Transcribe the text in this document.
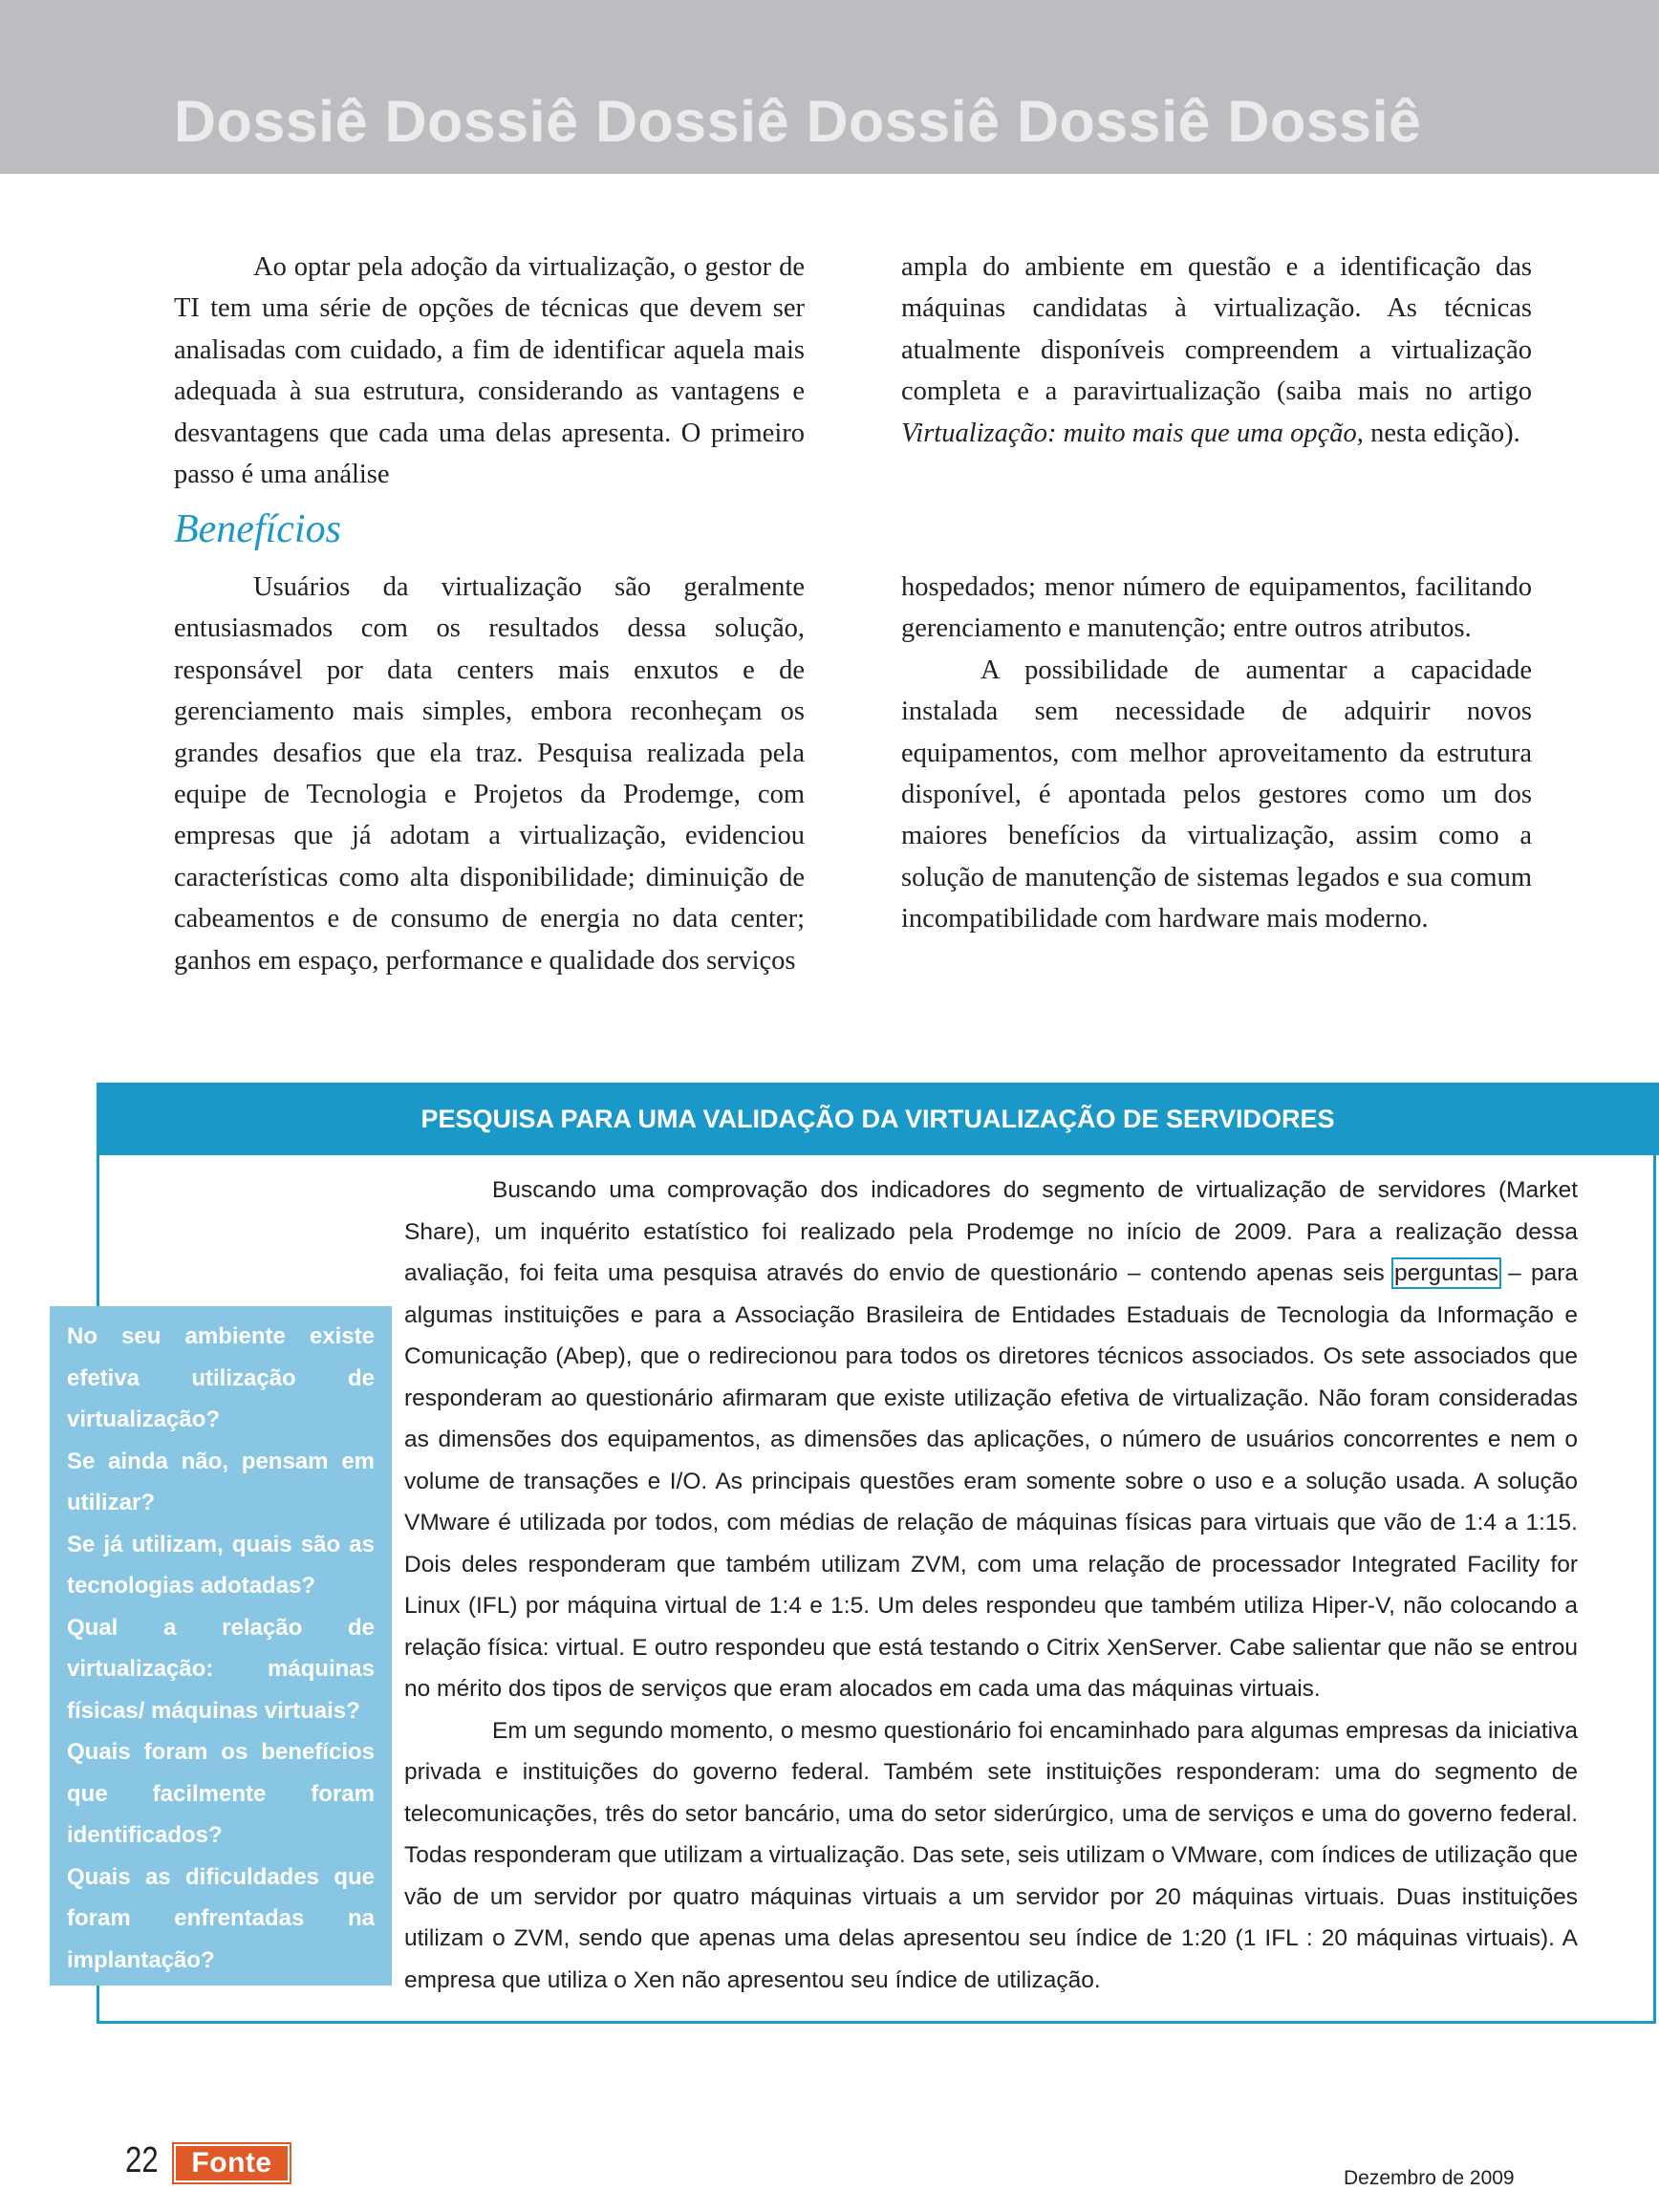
Dossiê Dossiê Dossiê Dossiê Dossiê Dossiê

Ao optar pela adoção da virtualização, o gestor de TI tem uma série de opções de técnicas que devem ser analisadas com cuidado, a fim de identificar aquela mais adequada à sua estrutura, considerando as vantagens e desvantagens que cada uma delas apresenta. O primeiro passo é uma análise

ampla do ambiente em questão e a identificação das máquinas candidatas à virtualização. As técnicas atualmente disponíveis compreendem a virtualização completa e a paravirtualização (saiba mais no artigo Virtualização: muito mais que uma opção, nesta edição).

Benefícios

Usuários da virtualização são geralmente entusiasmados com os resultados dessa solução, responsável por data centers mais enxutos e de gerenciamento mais simples, embora reconheçam os grandes desafios que ela traz. Pesquisa realizada pela equipe de Tecnologia e Projetos da Prodemge, com empresas que já adotam a virtualização, evidenciou características como alta disponibilidade; diminuição de cabeamentos e de consumo de energia no data center; ganhos em espaço, performance e qualidade dos serviços

hospedados; menor número de equipamentos, facilitando gerenciamento e manutenção; entre outros atributos.

A possibilidade de aumentar a capacidade instalada sem necessidade de adquirir novos equipamentos, com melhor aproveitamento da estrutura disponível, é apontada pelos gestores como um dos maiores benefícios da virtualização, assim como a solução de manutenção de sistemas legados e sua comum incompatibilidade com hardware mais moderno.

PESQUISA PARA UMA VALIDAÇÃO DA VIRTUALIZAÇÃO DE SERVIDORES

Buscando uma comprovação dos indicadores do segmento de virtualização de servidores (Market Share), um inquérito estatístico foi realizado pela Prodemge no início de 2009. Para a realização dessa avaliação, foi feita uma pesquisa através do envio de questionário – contendo apenas seis perguntas – para algumas instituições e para a Associação Brasileira de Entidades Estaduais de Tecnologia da Informação e Comunicação (Abep), que o redirecionou para todos os diretores técnicos associados. Os sete associados que responderam ao questionário afirmaram que existe utilização efetiva de virtualização. Não foram consideradas as dimensões dos equipamentos, as dimensões das aplicações, o número de usuários concorrentes e nem o volume de transações e I/O. As principais questões eram somente sobre o uso e a solução usada. A solução VMware é utilizada por todos, com médias de relação de máquinas físicas para virtuais que vão de 1:4 a 1:15. Dois deles responderam que também utilizam ZVM, com uma relação de processador Integrated Facility for Linux (IFL) por máquina virtual de 1:4 e 1:5. Um deles respondeu que também utiliza Hiper-V, não colocando a relação física: virtual. E outro respondeu que está testando o Citrix XenServer. Cabe salientar que não se entrou no mérito dos tipos de serviços que eram alocados em cada uma das máquinas virtuais.

Em um segundo momento, o mesmo questionário foi encaminhado para algumas empresas da iniciativa privada e instituições do governo federal. Também sete instituições responderam: uma do segmento de telecomunicações, três do setor bancário, uma do setor siderúrgico, uma de serviços e uma do governo federal. Todas responderam que utilizam a virtualização. Das sete, seis utilizam o VMware, com índices de utilização que vão de um servidor por quatro máquinas virtuais a um servidor por 20 máquinas virtuais. Duas instituições utilizam o ZVM, sendo que apenas uma delas apresentou seu índice de 1:20 (1 IFL : 20 máquinas virtuais). A empresa que utiliza o Xen não apresentou seu índice de utilização.

No seu ambiente existe efetiva utilização de virtualização?

Se ainda não, pensam em utilizar?

Se já utilizam, quais são as tecnologias adotadas?

Qual a relação de virtualização: máquinas físicas/ máquinas virtuais?

Quais foram os benefícios que facilmente foram identificados?

Quais as dificuldades que foram enfrentadas na implantação?

22	Fonte	Dezembro de 2009
